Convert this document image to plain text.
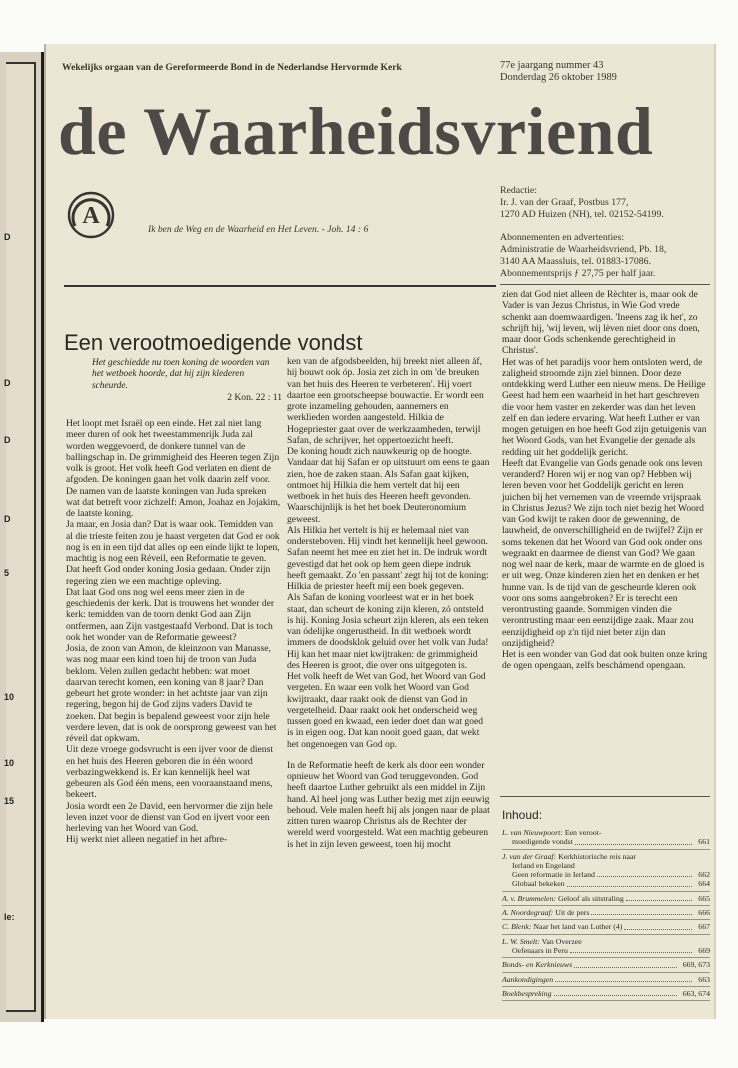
D
D
D
D
5
10
10
15
le:
Wekelijks orgaan van de Gereformeerde Bond in de Nederlandse Hervormde Kerk	77e jaargang nummer 43
Donderdag 26 oktober 1989
de Waarheidsvriend
A
Ik ben de Weg en de Waarheid en Het Leven. - Joh. 14 : 6

Redactie:

Ir. J. van der Graaf, Postbus 177,

1270 AD Huizen (NH), tel. 02152-54199.

Abonnementen en advertenties:

Administratie de Waarheidsvriend, Pb. 18,

3140 AA Maassluis, tel. 01883-17086.

Abonnementsprijs ƒ 27,75 per half jaar.

Een verootmoedigende vondst
Het geschiedde nu toen koning de woorden van het wetboek hoorde, dat hij zijn klederen scheurde.
2 Kon. 22 : 11

Het loopt met Israël op een einde. Het zal niet lang meer duren of ook het tweestammenrijk Juda zal worden weggevoerd, de donkere tunnel van de ballingschap in. De grimmigheid des Heeren tegen Zijn volk is groot. Het volk heeft God verlaten en dient de afgoden. De koningen gaan het volk daarin zelf voor. De namen van de laatste koningen van Juda spreken wat dat betreft voor zichzelf: Amon, Joahaz en Jojakim, de laatste koning.

Ja maar, en Josia dan? Dat is waar ook. Temidden van al die trieste feiten zou je haast vergeten dat God er ook nog is en in een tijd dat alles op een einde lijkt te lopen, machtig is nog een Réveil, een Reformatie te geven.

Dat heeft God onder koning Josia gedaan. Onder zijn regering zien we een machtige opleving.

Dat laat God ons nog wel eens meer zien in de geschiedenis der kerk. Dat is trouwens het wonder der kerk: temidden van de toorn denkt God aan Zijn ontfermen, aan Zijn vastgestaafd Verbond. Dat is toch ook het wonder van de Reformatie geweest?

Josia, de zoon van Amon, de kleinzoon van Manasse, was nog maar een kind toen hij de troon van Juda beklom. Velen zullen gedacht hebben: wat moet daarvan terecht komen, een koning van 8 jaar? Dan gebeurt het grote wonder: in het achtste jaar van zijn regering, begon hij de God zijns vaders David te zoeken. Dat begin is bepalend geweest voor zijn hele verdere leven, dat is ook de oorsprong geweest van het réveil dat opkwam.

Uit deze vroege godsvrucht is een ijver voor de dienst en het huis des Heeren geboren die in één woord verbazingwekkend is. Er kan kennelijk heel wat gebeuren als God één mens, een vooraanstaand mens, bekeert.

Josia wordt een 2e David, een hervormer die zijn hele leven inzet voor de dienst van God en ijvert voor een herleving van het Woord van God.

Hij werkt niet alleen negatief in het afbre-

ken van de afgodsbeelden, hij breekt niet alleen áf, hij bouwt ook óp. Josia zet zich in om 'de breuken van het huis des Heeren te verbeteren'. Hij voert daartoe een grootscheepse bouwactie. Er wordt een grote inzameling gehouden, aannemers en werklieden worden aangesteld. Hilkia de Hogepriester gaat over de werkzaamheden, terwijl Safan, de schrijver, het oppertoezicht heeft.

De koning houdt zich nauwkeurig op de hoogte. Vandaar dat hij Safan er op uitstuurt om eens te gaan zien, hoe de zaken staan. Als Safan gaat kijken, ontmoet hij Hilkia die hem vertelt dat hij een wetboek in het huis des Heeren heeft gevonden. Waarschijnlijk is het het boek Deuteronomium geweest.

Als Hilkia het vertelt is hij er helemaal niet van ondersteboven. Hij vindt het kennelijk heel gewoon. Safan neemt het mee en ziet het in. De indruk wordt gevestigd dat het ook op hem geen diepe indruk heeft gemaakt. Zo 'en passant' zegt hij tot de koning: Hilkia de priester heeft mij een boek gegeven.

Als Safan de koning voorleest wat er in het boek staat, dan scheurt de koning zijn kleren, zó ontsteld is hij. Koning Josia scheurt zijn kleren, als een teken van ódelijke ongerustheid. In dit wetboek wordt immers de doodsklok geluid over het volk van Juda! Hij kan het maar niet kwijtraken: de grimmigheid des Heeren is groot, die over ons uitgegoten is.

Het volk heeft de Wet van God, het Woord van God vergeten. En waar een volk het Woord van God kwijtraakt, daar raakt ook de dienst van God in vergetelheid. Daar raakt ook het onderscheid weg tussen goed en kwaad, een ieder doet dan wat goed is in eigen oog. Dat kan nooit goed gaan, dat wekt het ongenoegen van God op.

In de Reformatie heeft de kerk als door een wonder opnieuw het Woord van God teruggevonden. God heeft daartoe Luther gebruikt als een middel in Zijn hand. Al heel jong was Luther bezig met zijn eeuwig behoud. Vele malen heeft hij als jongen naar de plaat zitten turen waarop Christus als de Rechter der wereld werd voorgesteld. Wat een machtig gebeuren is het in zijn leven geweest, toen hij mocht

zien dat God niet alleen de Rèchter is, maar ook de Vader is van Jezus Christus, in Wie God vrede schenkt aan doemwaardigen. 'Ineens zag ik het', zo schrijft hij, 'wij leven, wij lèven niet door ons doen, maar door Gods schenkende gerechtigheid in Christus'.

Het was of het paradijs voor hem ontsloten werd, de zaligheid stroomde zijn ziel binnen. Door deze ontdekking werd Luther een nieuw mens. De Heilige Geest had hem een waarheid in het hart geschreven die voor hem vaster en zekerder was dan het leven zelf en dan iedere ervaring. Wat heeft Luther er van mogen getuigen en hoe heeft God zijn getuigenis van het Woord Gods, van het Evangelie der genade als redding uit het goddelijk gericht.

Heeft dat Evangelie van Gods genade ook ons leven veranderd? Horen wij er nog van op? Hebben wij leren beven voor het Goddelijk gericht en leren juichen bij het vernemen van de vreemde vrijspraak in Christus Jezus? We zijn toch niet bezig het Woord van God kwijt te raken door de gewenning, de lauwheid, de onverschilligheid en de twijfel? Zijn er soms tekenen dat het Woord van God ook onder ons wegraakt en daarmee de dienst van God? We gaan nog wel naar de kerk, maar de warmte en de gloed is er uit weg. Onze kinderen zien het en denken er het hunne van. Is de tijd van de gescheurde kleren ook voor ons soms aangebroken? Er is terecht een verontrusting gaande. Sommigen vinden die verontrusting maar een eenzijdige zaak. Maar zou eenzijdigheid op z'n tijd niet beter zijn dan onzijdigheid?

Het is een wonder van God dat ook buiten onze kring de ogen opengaan, zelfs beschámend opengaan.

Inhoud:
L. van Nieuwpoort: Een veroot-
moedigende vondst	661
J. van der Graaf: Kerkhistorische reis naar
Ierland en Engeland
Geen reformatie in Ierland	662
Globaal bekeken	664
A. v. Brummelen: Geloof als uitstraling	665
A. Noordegraaf: Uit de pers	666
C. Blenk: Naar het land van Luther (4)	667
L. W. Smelt: Van Overzee
Oefenaars in Peru	669
Bonds- en Kerknieuws	669, 673
Aankondigingen	663
Boekbespreking	663, 674
